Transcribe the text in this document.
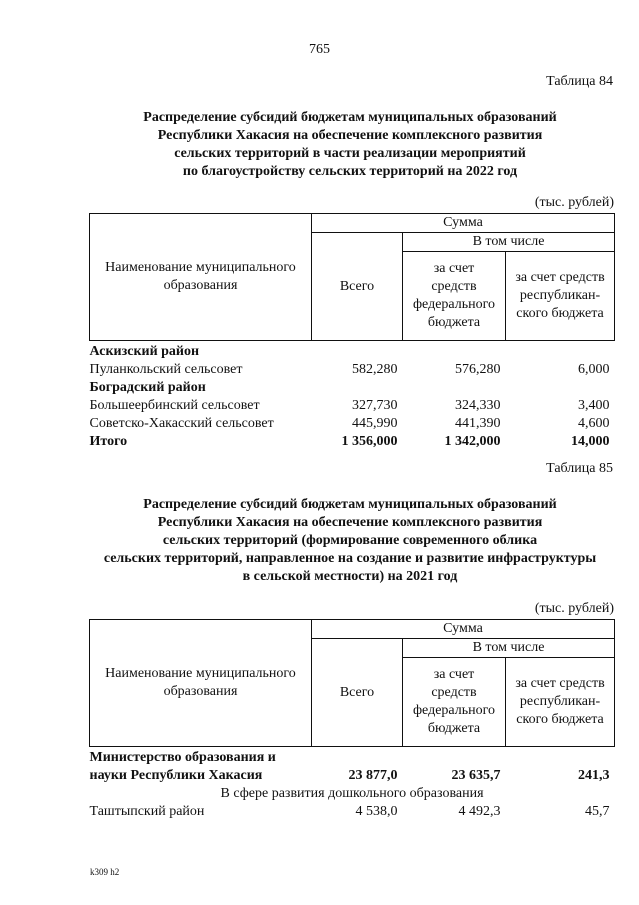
765
Таблица 84
Распределение субсидий бюджетам муниципальных образований
Республики Хакасия на обеспечение комплексного развития
сельских территорий в части реализации мероприятий
по благоустройству сельских территорий на 2022 год
(тыс. рублей)
Наименование муниципального образования	Сумма		
	Всего	В том числе	
		за счет средств федерального бюджета	за счет средств республикан-ского бюджета
Аскизский район			
Пуланкольский сельсовет	582,280	576,280	6,000
Боградский район			
Большеербинский сельсовет	327,730	324,330	3,400
Советско-Хакасский сельсовет	445,990	441,390	4,600
Итого	1 356,000	1 342,000	14,000
Таблица 85
Распределение субсидий бюджетам муниципальных образований
Республики Хакасия на обеспечение комплексного развития
сельских территорий (формирование современного облика
сельских территорий, направленное на создание и развитие инфраструктуры
в сельской местности) на 2021 год
(тыс. рублей)
Наименование муниципального образования	Сумма		
	Всего	В том числе	
		за счет средств федерального бюджета	за счет средств республикан-ского бюджета
Министерство образования и			
науки Республики Хакасия	23 877,0	23 635,7	241,3
В сфере развития дошкольного образования			
Таштыпский район	4 538,0	4 492,3	45,7
k309 h2
